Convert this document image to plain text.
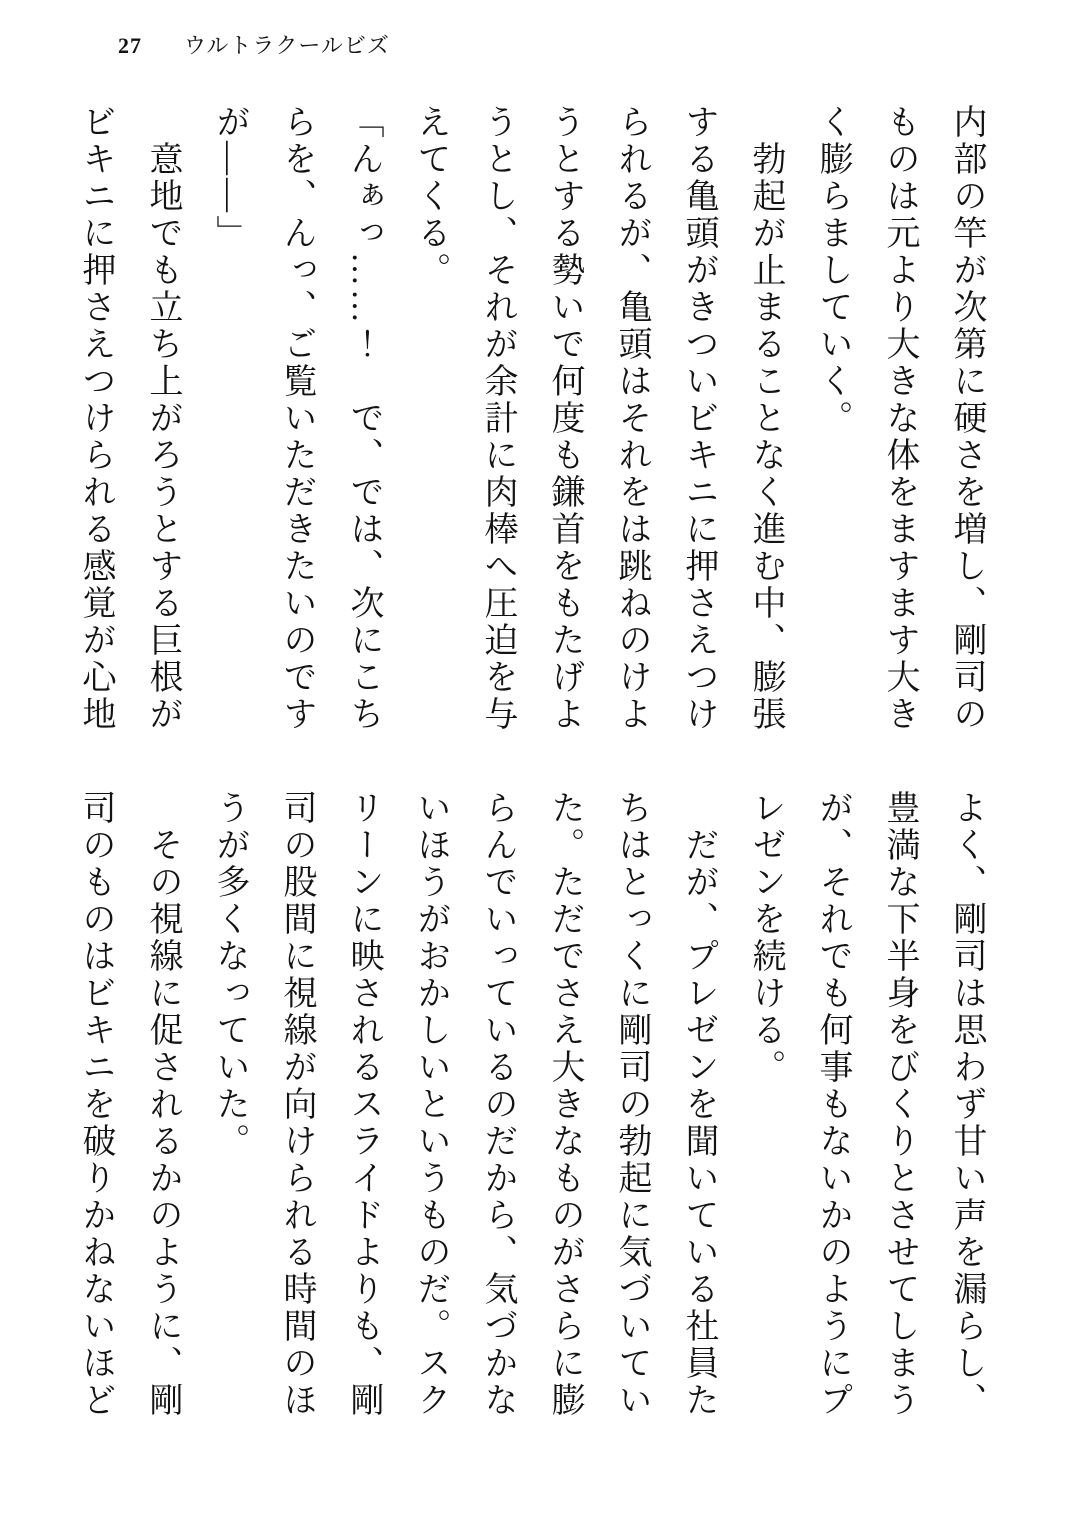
27 ウルトラクールビズ

内部の竿が次第に硬さを増し、剛司の

ものは元より大きな体をますます大き

く膨らましていく。

　勃起が止まることなく進む中、膨張

する亀頭がきついビキニに押さえつけ

られるが、亀頭はそれをは跳ねのけよ

うとする勢いで何度も鎌首をもたげよ

うとし、それが余計に肉棒へ圧迫を与

えてくる。

「んぁっ……！　で、では、次にこち

らを、んっ、ご覧いただきたいのです

が――」

　意地でも立ち上がろうとする巨根が

ビキニに押さえつけられる感覚が心地

よく、剛司は思わず甘い声を漏らし、

豊満な下半身をびくりとさせてしまう

が、それでも何事もないかのようにプ

レゼンを続ける。

　だが、プレゼンを聞いている社員た

ちはとっくに剛司の勃起に気づいてい

た。ただでさえ大きなものがさらに膨

らんでいっているのだから、気づかな

いほうがおかしいというものだ。スク

リーンに映されるスライドよりも、剛

司の股間に視線が向けられる時間のほ

うが多くなっていた。

　その視線に促されるかのように、剛

司のものはビキニを破りかねないほど
